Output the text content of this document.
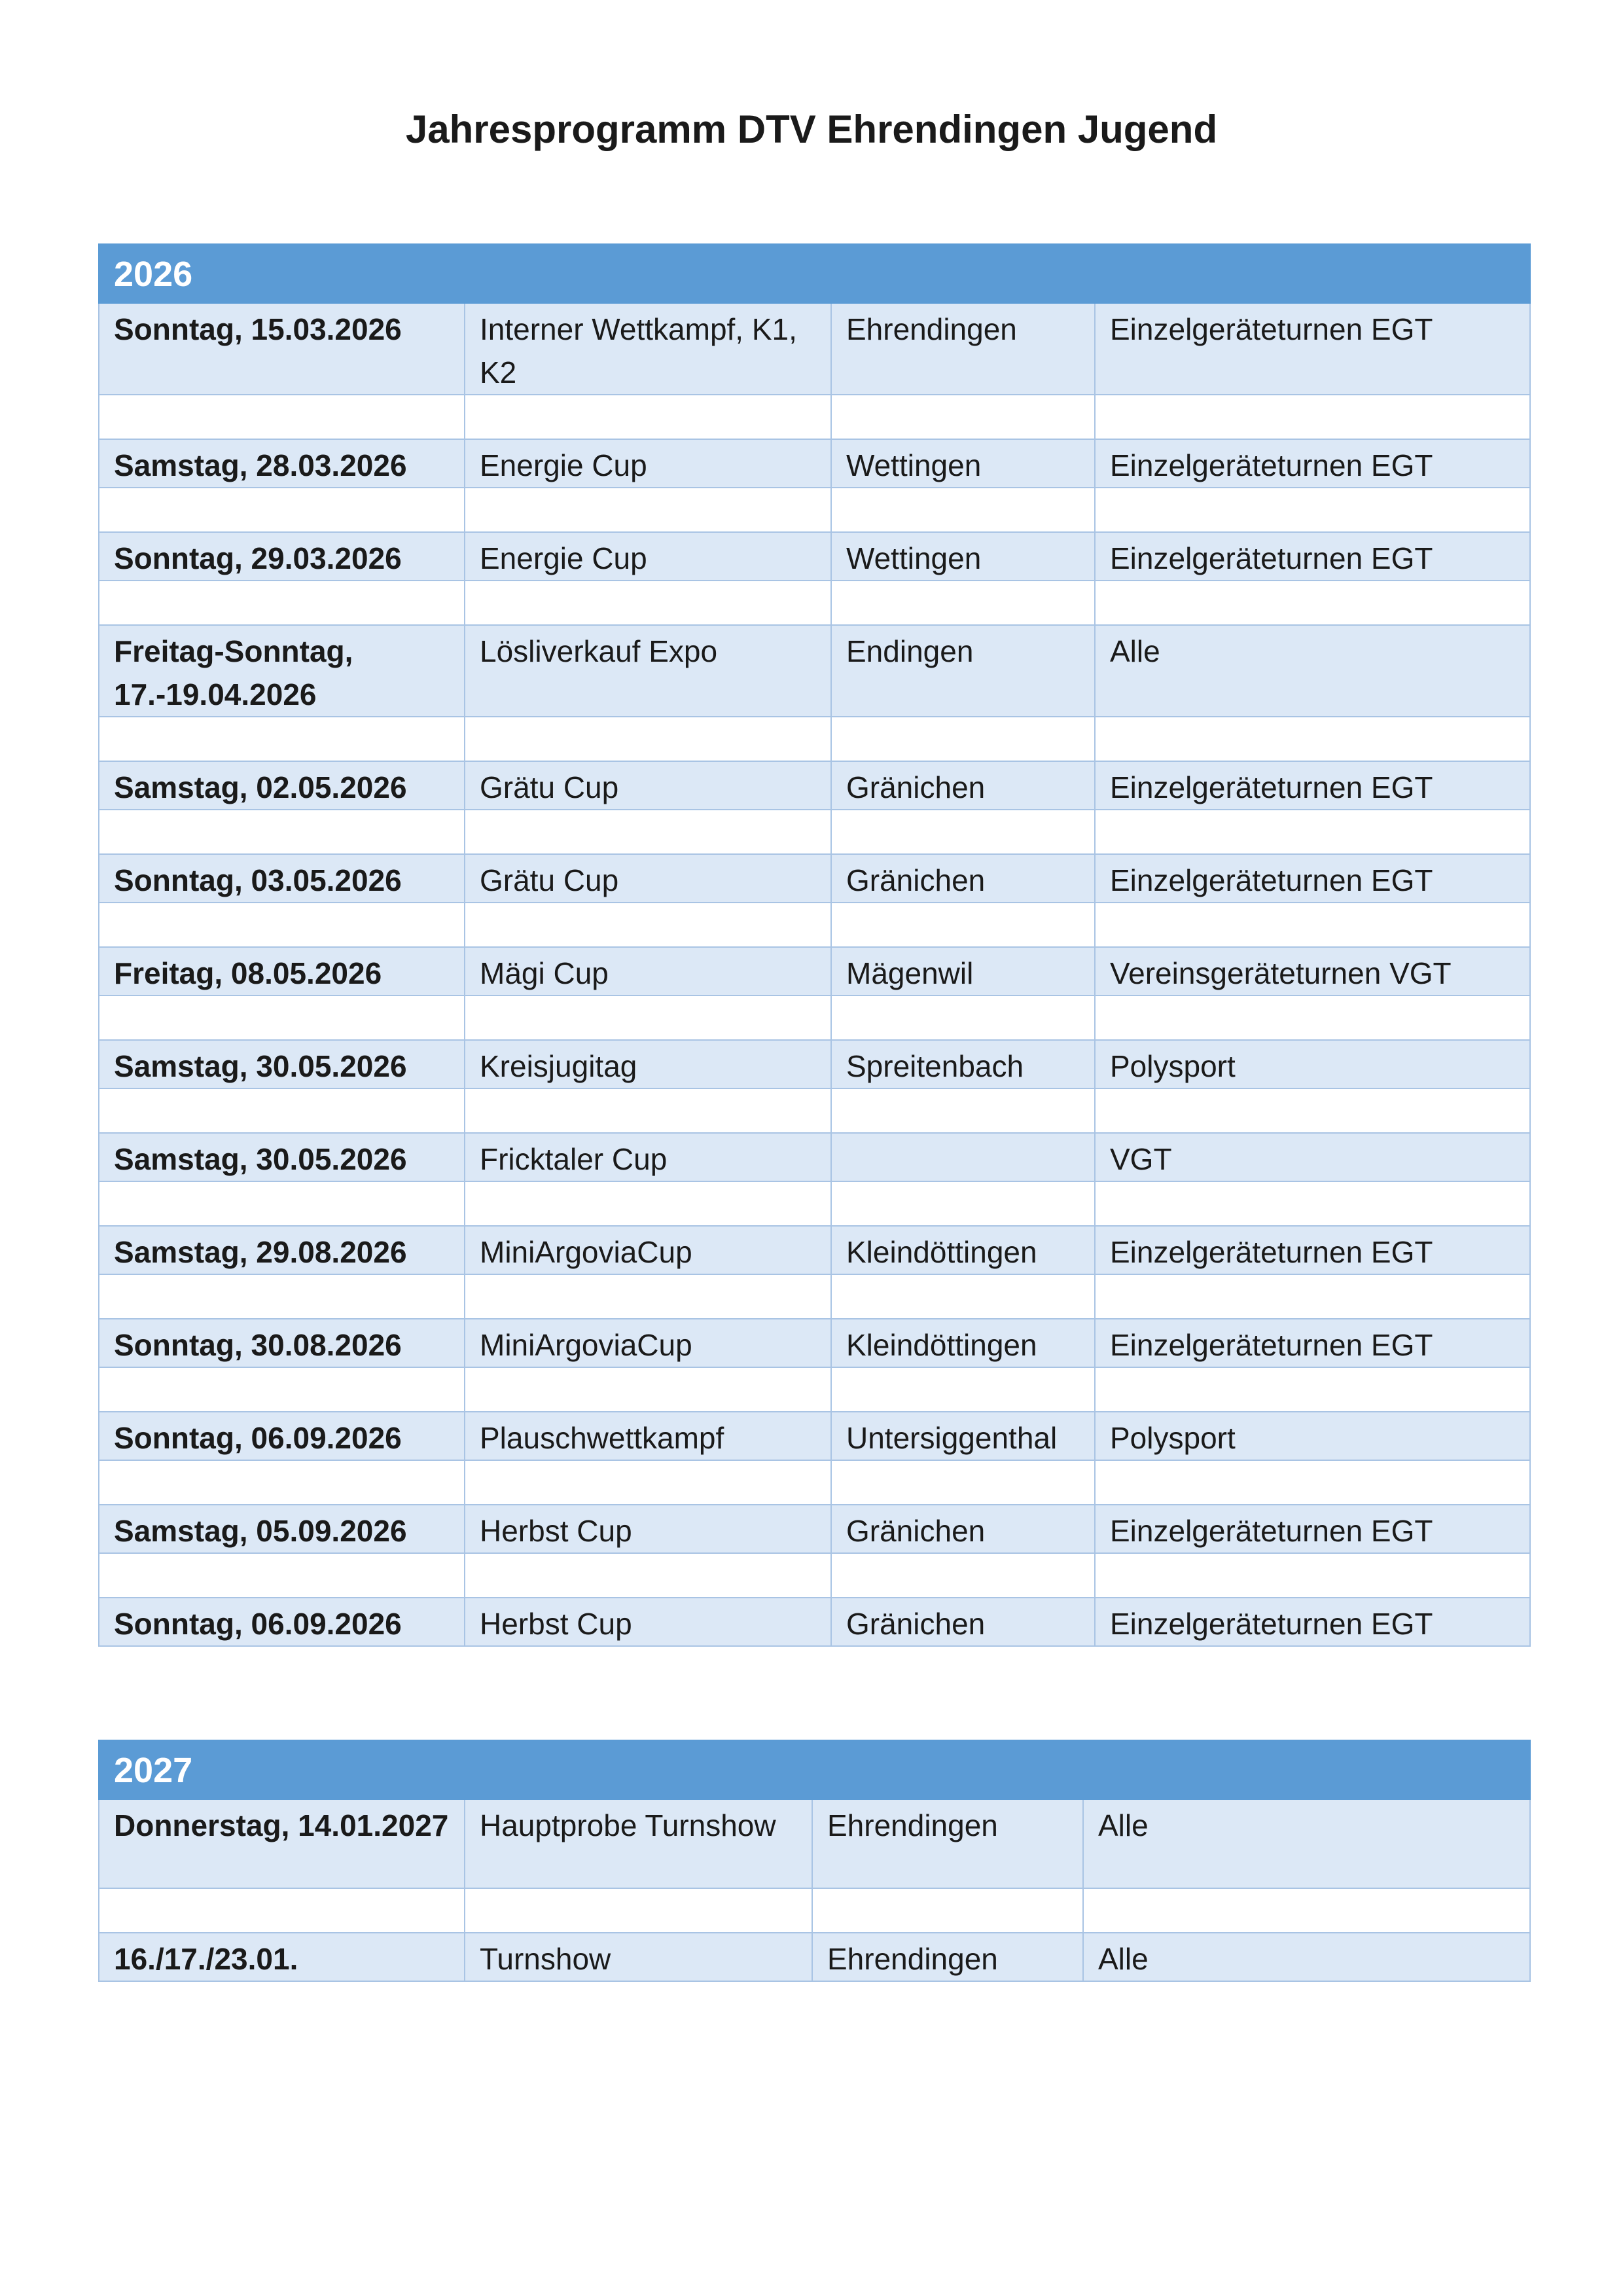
Jahresprogramm DTV Ehrendingen Jugend
2026			
Sonntag, 15.03.2026	Interner Wettkampf, K1, K2	Ehrendingen	Einzelgeräteturnen EGT

Samstag, 28.03.2026	Energie Cup	Wettingen	Einzelgeräteturnen EGT

Sonntag, 29.03.2026	Energie Cup	Wettingen	Einzelgeräteturnen EGT

Freitag-Sonntag, 17.-19.04.2026	Lösliverkauf Expo	Endingen	Alle

Samstag, 02.05.2026	Grätu Cup	Gränichen	Einzelgeräteturnen EGT

Sonntag, 03.05.2026	Grätu Cup	Gränichen	Einzelgeräteturnen EGT

Freitag, 08.05.2026	Mägi Cup	Mägenwil	Vereinsgeräteturnen VGT

Samstag, 30.05.2026	Kreisjugitag	Spreitenbach	Polysport

Samstag, 30.05.2026	Fricktaler Cup		VGT

Samstag, 29.08.2026	MiniArgoviaCup	Kleindöttingen	Einzelgeräteturnen EGT

Sonntag, 30.08.2026	MiniArgoviaCup	Kleindöttingen	Einzelgeräteturnen EGT

Sonntag, 06.09.2026	Plauschwettkampf	Untersiggenthal	Polysport

Samstag, 05.09.2026	Herbst Cup	Gränichen	Einzelgeräteturnen EGT

Sonntag, 06.09.2026	Herbst Cup	Gränichen	Einzelgeräteturnen EGT
2027			
Donnerstag, 14.01.2027	Hauptprobe Turnshow	Ehrendingen	Alle

16./17./23.01.	Turnshow	Ehrendingen	Alle
